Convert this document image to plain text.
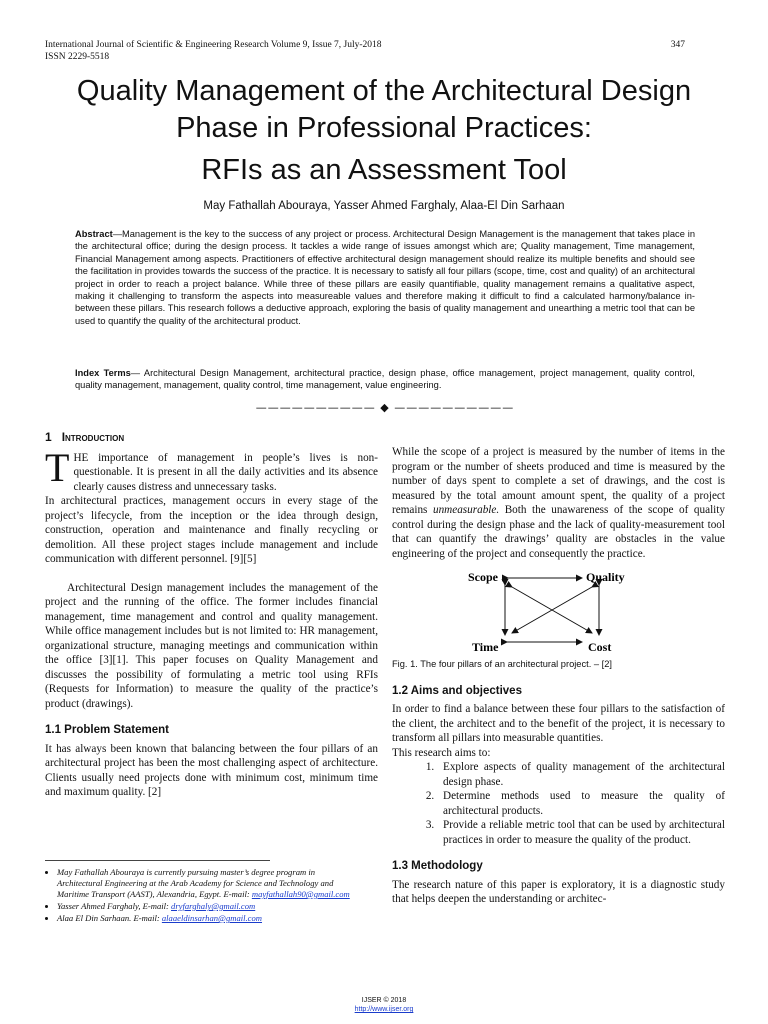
International Journal of Scientific & Engineering Research Volume 9, Issue 7, July-2018
ISSN 2229-5518
347
Quality Management of the Architectural Design
Phase in Professional Practices:
RFIs as an Assessment Tool
May Fathallah Abouraya, Yasser Ahmed Farghaly, Alaa-El Din Sarhaan
Abstract—Management is the key to the success of any project or process. Architectural Design Management is the management that takes place in the architectural office; during the design process. It tackles a wide range of issues amongst which are; Quality management, Time management, Financial Management among aspects. Practitioners of effective architectural design management should realize its multiple benefits and should see the facilitation in provides towards the success of the practice. It is necessary to satisfy all four pillars (scope, time, cost and quality) of an architectural project in order to reach a project balance. While three of these pillars are easily quantifiable, quality management remains a qualitative aspect, making it challenging to transform the aspects into measureable values and therefore making it difficult to find a calculated harmony/balance in-between these pillars. This research follows a deductive approach, exploring the basis of quality management and unearthing a metric tool that can be used to quantify the quality of the architectural product.
Index Terms— Architectural Design Management, architectural practice, design phase, office management, project management, quality control, quality management, management, quality control, time management, value engineering.
—————————— ◆ ——————————
1 Introduction

THE importance of management in people’s lives is non-questionable. It is present in all the daily activities and its absence clearly causes distress and unnecessary tasks.

In architectural practices, management occurs in every stage of the project’s lifecycle, from the inception or the idea through design, construction, operation and maintenance and finally recycling or demolition. All these project stages include management and include communication with different personnel. [9][5]

Architectural Design management includes the management of the project and the running of the office. The former includes financial management, time management and control and quality management. While office management includes but is not limited to: HR management, organizational structure, managing meetings and communication within the office [3][1]. This paper focuses on Quality Management and discusses the possibility of formulating a metric tool using RFIs (Requests for Information) to measure the quality of the practice’s product (drawings).

1.1 Problem Statement

It has always been known that balancing between the four pillars of an architectural project has been the most challenging aspect of architecture. Clients usually need projects done with minimum cost, minimum time and maximum quality. [2]

• May Fathallah Abouraya is currently pursuing master’s degree program in Architectural Engineering at the Arab Academy for Science and Technology and Maritime Transport (AAST), Alexandria, Egypt. E-mail: mayfathallah90@gmail.com
• Yasser Ahmed Farghaly, E-mail: dryfarghaly@gmail.com
• Alaa El Din Sarhaan. E-mail: alaaeldinsarhan@gmail.com

While the scope of a project is measured by the number of items in the program or the number of sheets produced and time is measured by the number of days spent to complete a set of drawings, and the cost is measured by the total amount amount spent, the quality of a project remains unmeasurable. Both the unawareness of the scope of quality control during the design phase and the lack of quality-measurement tool that can quantify the drawings’ quality are obstacles in the value engineering of the project and consequently the practice.

Scope	Quality
Time	Cost
Fig. 1. The four pillars of an architectural project. – [2]
1.2 Aims and objectives

In order to find a balance between these four pillars to the satisfaction of the client, the architect and to the benefit of the project, it is necessary to transform all pillars into measurable quantities.

This research aims to:

1. Explore aspects of quality management of the architectural design phase.
2. Determine methods used to measure the quality of architectural products.
3. Provide a reliable metric tool that can be used by architectural practices in order to measure the quality of the product.
1.3 Methodology

The research nature of this paper is exploratory, it is a diagnostic study that helps deepen the understanding or architec-

IJSER © 2018
http://www.ijser.org
